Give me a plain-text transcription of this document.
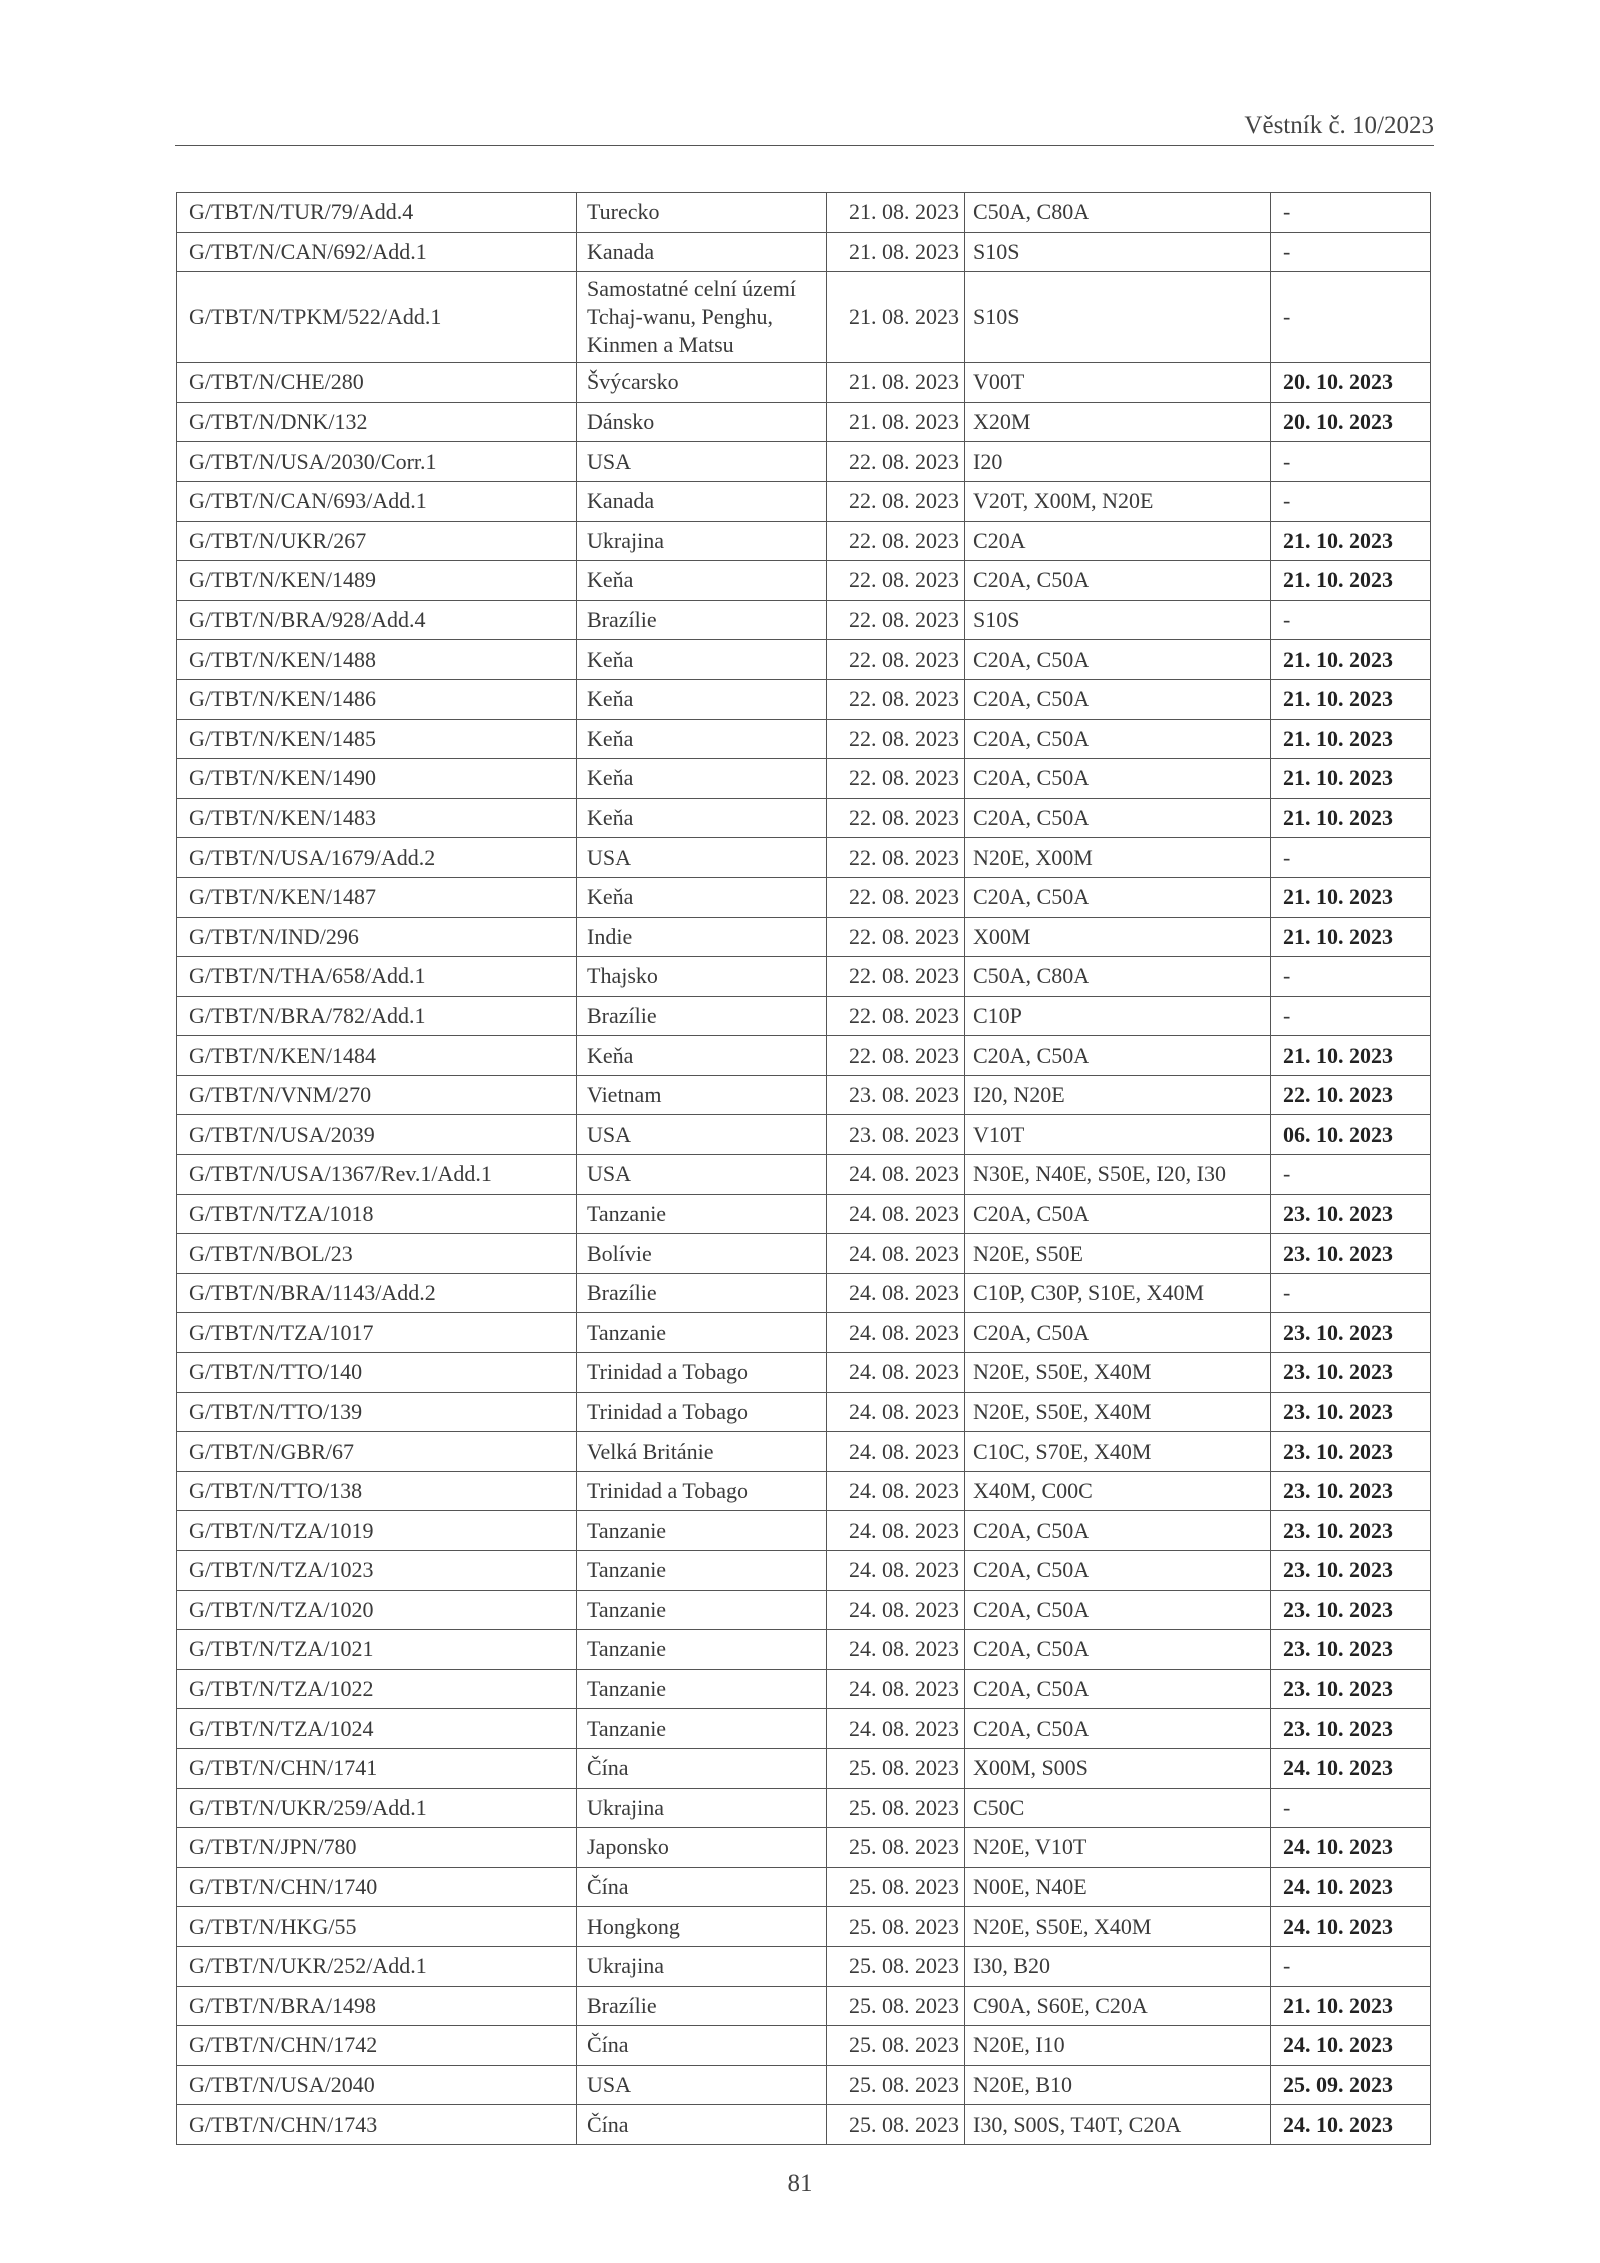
Věstník č. 10/2023
G/TBT/N/TUR/79/Add.4	Turecko	21. 08. 2023	C50A, C80A	-
G/TBT/N/CAN/692/Add.1	Kanada	21. 08. 2023	S10S	-
G/TBT/N/TPKM/522/Add.1	Samostatné celní území Tchaj-wanu, Penghu, Kinmen a Matsu	21. 08. 2023	S10S	-
G/TBT/N/CHE/280	Švýcarsko	21. 08. 2023	V00T	20. 10. 2023
G/TBT/N/DNK/132	Dánsko	21. 08. 2023	X20M	20. 10. 2023
G/TBT/N/USA/2030/Corr.1	USA	22. 08. 2023	I20	-
G/TBT/N/CAN/693/Add.1	Kanada	22. 08. 2023	V20T, X00M, N20E	-
G/TBT/N/UKR/267	Ukrajina	22. 08. 2023	C20A	21. 10. 2023
G/TBT/N/KEN/1489	Keňa	22. 08. 2023	C20A, C50A	21. 10. 2023
G/TBT/N/BRA/928/Add.4	Brazílie	22. 08. 2023	S10S	-
G/TBT/N/KEN/1488	Keňa	22. 08. 2023	C20A, C50A	21. 10. 2023
G/TBT/N/KEN/1486	Keňa	22. 08. 2023	C20A, C50A	21. 10. 2023
G/TBT/N/KEN/1485	Keňa	22. 08. 2023	C20A, C50A	21. 10. 2023
G/TBT/N/KEN/1490	Keňa	22. 08. 2023	C20A, C50A	21. 10. 2023
G/TBT/N/KEN/1483	Keňa	22. 08. 2023	C20A, C50A	21. 10. 2023
G/TBT/N/USA/1679/Add.2	USA	22. 08. 2023	N20E, X00M	-
G/TBT/N/KEN/1487	Keňa	22. 08. 2023	C20A, C50A	21. 10. 2023
G/TBT/N/IND/296	Indie	22. 08. 2023	X00M	21. 10. 2023
G/TBT/N/THA/658/Add.1	Thajsko	22. 08. 2023	C50A, C80A	-
G/TBT/N/BRA/782/Add.1	Brazílie	22. 08. 2023	C10P	-
G/TBT/N/KEN/1484	Keňa	22. 08. 2023	C20A, C50A	21. 10. 2023
G/TBT/N/VNM/270	Vietnam	23. 08. 2023	I20, N20E	22. 10. 2023
G/TBT/N/USA/2039	USA	23. 08. 2023	V10T	06. 10. 2023
G/TBT/N/USA/1367/Rev.1/Add.1	USA	24. 08. 2023	N30E, N40E, S50E, I20, I30	-
G/TBT/N/TZA/1018	Tanzanie	24. 08. 2023	C20A, C50A	23. 10. 2023
G/TBT/N/BOL/23	Bolívie	24. 08. 2023	N20E, S50E	23. 10. 2023
G/TBT/N/BRA/1143/Add.2	Brazílie	24. 08. 2023	C10P, C30P, S10E, X40M	-
G/TBT/N/TZA/1017	Tanzanie	24. 08. 2023	C20A, C50A	23. 10. 2023
G/TBT/N/TTO/140	Trinidad a Tobago	24. 08. 2023	N20E, S50E, X40M	23. 10. 2023
G/TBT/N/TTO/139	Trinidad a Tobago	24. 08. 2023	N20E, S50E, X40M	23. 10. 2023
G/TBT/N/GBR/67	Velká Británie	24. 08. 2023	C10C, S70E, X40M	23. 10. 2023
G/TBT/N/TTO/138	Trinidad a Tobago	24. 08. 2023	X40M, C00C	23. 10. 2023
G/TBT/N/TZA/1019	Tanzanie	24. 08. 2023	C20A, C50A	23. 10. 2023
G/TBT/N/TZA/1023	Tanzanie	24. 08. 2023	C20A, C50A	23. 10. 2023
G/TBT/N/TZA/1020	Tanzanie	24. 08. 2023	C20A, C50A	23. 10. 2023
G/TBT/N/TZA/1021	Tanzanie	24. 08. 2023	C20A, C50A	23. 10. 2023
G/TBT/N/TZA/1022	Tanzanie	24. 08. 2023	C20A, C50A	23. 10. 2023
G/TBT/N/TZA/1024	Tanzanie	24. 08. 2023	C20A, C50A	23. 10. 2023
G/TBT/N/CHN/1741	Čína	25. 08. 2023	X00M, S00S	24. 10. 2023
G/TBT/N/UKR/259/Add.1	Ukrajina	25. 08. 2023	C50C	-
G/TBT/N/JPN/780	Japonsko	25. 08. 2023	N20E, V10T	24. 10. 2023
G/TBT/N/CHN/1740	Čína	25. 08. 2023	N00E, N40E	24. 10. 2023
G/TBT/N/HKG/55	Hongkong	25. 08. 2023	N20E, S50E, X40M	24. 10. 2023
G/TBT/N/UKR/252/Add.1	Ukrajina	25. 08. 2023	I30, B20	-
G/TBT/N/BRA/1498	Brazílie	25. 08. 2023	C90A, S60E, C20A	21. 10. 2023
G/TBT/N/CHN/1742	Čína	25. 08. 2023	N20E, I10	24. 10. 2023
G/TBT/N/USA/2040	USA	25. 08. 2023	N20E, B10	25. 09. 2023
G/TBT/N/CHN/1743	Čína	25. 08. 2023	I30, S00S, T40T, C20A	24. 10. 2023
81
